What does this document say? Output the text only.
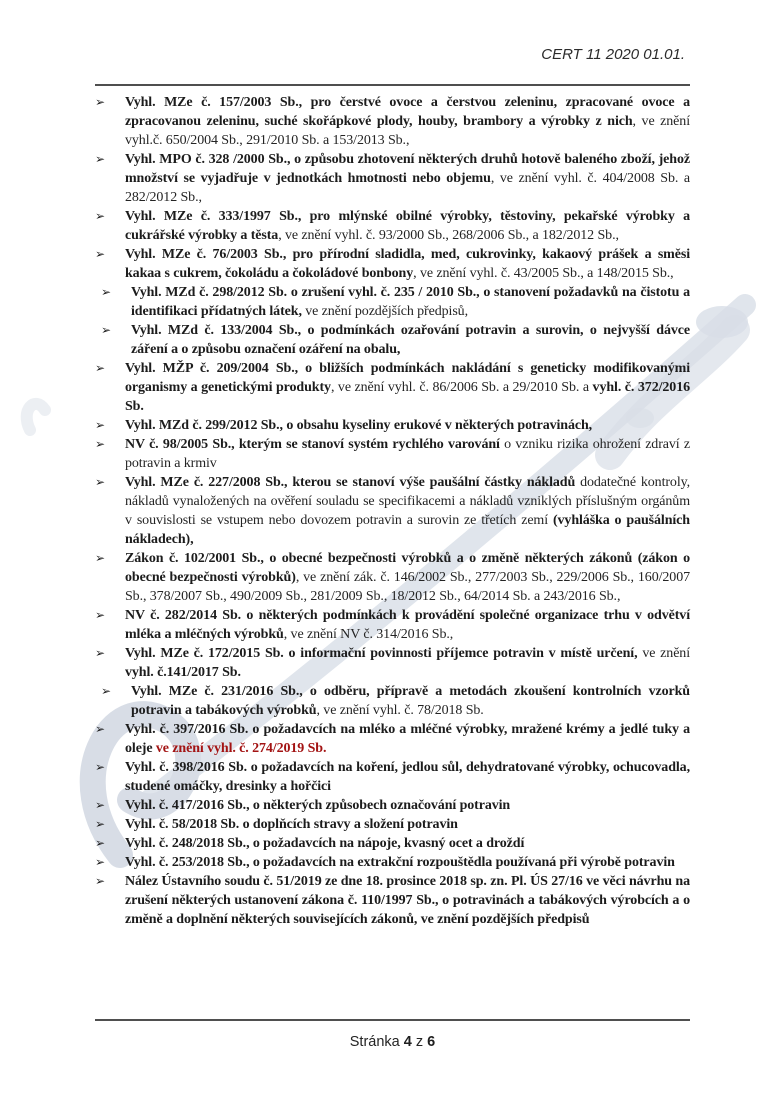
CERT 11 2020 01.01.
➢	Vyhl. MZe č. 157/2003 Sb., pro čerstvé ovoce a čerstvou zeleninu, zpracované ovoce a zpracovanou zeleninu, suché skořápkové plody, houby, brambory a výrobky z nich, ve znění vyhl.č. 650/2004 Sb., 291/2010 Sb. a 153/2013 Sb.,
➢	Vyhl. MPO č. 328 /2000 Sb., o způsobu zhotovení některých druhů hotově baleného zboží, jehož množství se vyjadřuje v jednotkách hmotnosti nebo objemu, ve znění vyhl. č. 404/2008 Sb. a 282/2012 Sb.,
➢	Vyhl. MZe č. 333/1997 Sb., pro mlýnské obilné výrobky, těstoviny, pekařské výrobky a cukrářské výrobky a těsta, ve znění vyhl. č. 93/2000 Sb., 268/2006 Sb., a 182/2012 Sb.,
➢	Vyhl. MZe č. 76/2003 Sb., pro přírodní sladidla, med, cukrovinky, kakaový prášek a směsi kakaa s cukrem, čokoládu a čokoládové bonbony, ve znění vyhl. č. 43/2005 Sb., a 148/2015 Sb.,
➢	Vyhl. MZd č. 298/2012 Sb. o zrušení vyhl. č. 235 / 2010 Sb., o stanovení požadavků na čistotu a identifikaci přídatných látek, ve znění pozdějších předpisů,
➢	Vyhl. MZd č. 133/2004 Sb., o podmínkách ozařování potravin a surovin, o nejvyšší dávce záření a o způsobu označení ozáření na obalu,
➢	Vyhl. MŽP č. 209/2004 Sb., o bližších podmínkách nakládání s geneticky modifikovanými organismy a genetickými produkty, ve znění vyhl. č. 86/2006 Sb. a 29/2010 Sb. a vyhl. č. 372/2016 Sb.
➢	Vyhl. MZd č. 299/2012 Sb., o obsahu kyseliny erukové v některých potravinách,
➢	NV č. 98/2005 Sb., kterým se stanoví systém rychlého varování o vzniku rizika ohrožení zdraví z potravin a krmiv
➢	Vyhl. MZe č. 227/2008 Sb., kterou se stanoví výše paušální částky nákladů dodatečné kontroly, nákladů vynaložených na ověření souladu se specifikacemi a nákladů vzniklých příslušným orgánům v souvislosti se vstupem nebo dovozem potravin a surovin ze třetích zemí (vyhláška o paušálních nákladech),
➢	Zákon č. 102/2001 Sb., o obecné bezpečnosti výrobků a o změně některých zákonů (zákon o obecné bezpečnosti výrobků), ve znění zák. č. 146/2002 Sb., 277/2003 Sb., 229/2006 Sb., 160/2007 Sb., 378/2007 Sb., 490/2009 Sb., 281/2009 Sb., 18/2012 Sb., 64/2014 Sb. a 243/2016 Sb.,
➢	NV č. 282/2014 Sb. o některých podmínkách k provádění společné organizace trhu v odvětví mléka a mléčných výrobků, ve znění NV č. 314/2016 Sb.,
➢	Vyhl. MZe č. 172/2015 Sb. o informační povinnosti příjemce potravin v místě určení, ve znění vyhl. č.141/2017 Sb.
➢	Vyhl. MZe č. 231/2016 Sb., o odběru, přípravě a metodách zkoušení kontrolních vzorků potravin a tabákových výrobků, ve znění vyhl. č. 78/2018 Sb.
➢	Vyhl. č. 397/2016 Sb. o požadavcích na mléko a mléčné výrobky, mražené krémy a jedlé tuky a oleje ve znění vyhl. č. 274/2019 Sb.
➢	Vyhl. č. 398/2016 Sb. o požadavcích na koření, jedlou sůl, dehydratované výrobky, ochucovadla, studené omáčky, dresinky a hořčici
➢	Vyhl. č. 417/2016 Sb., o některých způsobech označování potravin
➢	Vyhl. č. 58/2018 Sb. o doplňcích stravy a složení potravin
➢	Vyhl. č. 248/2018 Sb., o požadavcích na nápoje, kvasný ocet a droždí
➢	Vyhl. č. 253/2018 Sb., o požadavcích na extrakční rozpouštědla používaná při výrobě potravin
➢	Nález Ústavního soudu č. 51/2019 ze dne 18. prosince 2018 sp. zn. Pl. ÚS 27/16 ve věci návrhu na zrušení některých ustanovení zákona č. 110/1997 Sb., o potravinách a tabákových výrobcích a o změně a doplnění některých souvisejících zákonů, ve znění pozdějších předpisů
Stránka 4 z 6
